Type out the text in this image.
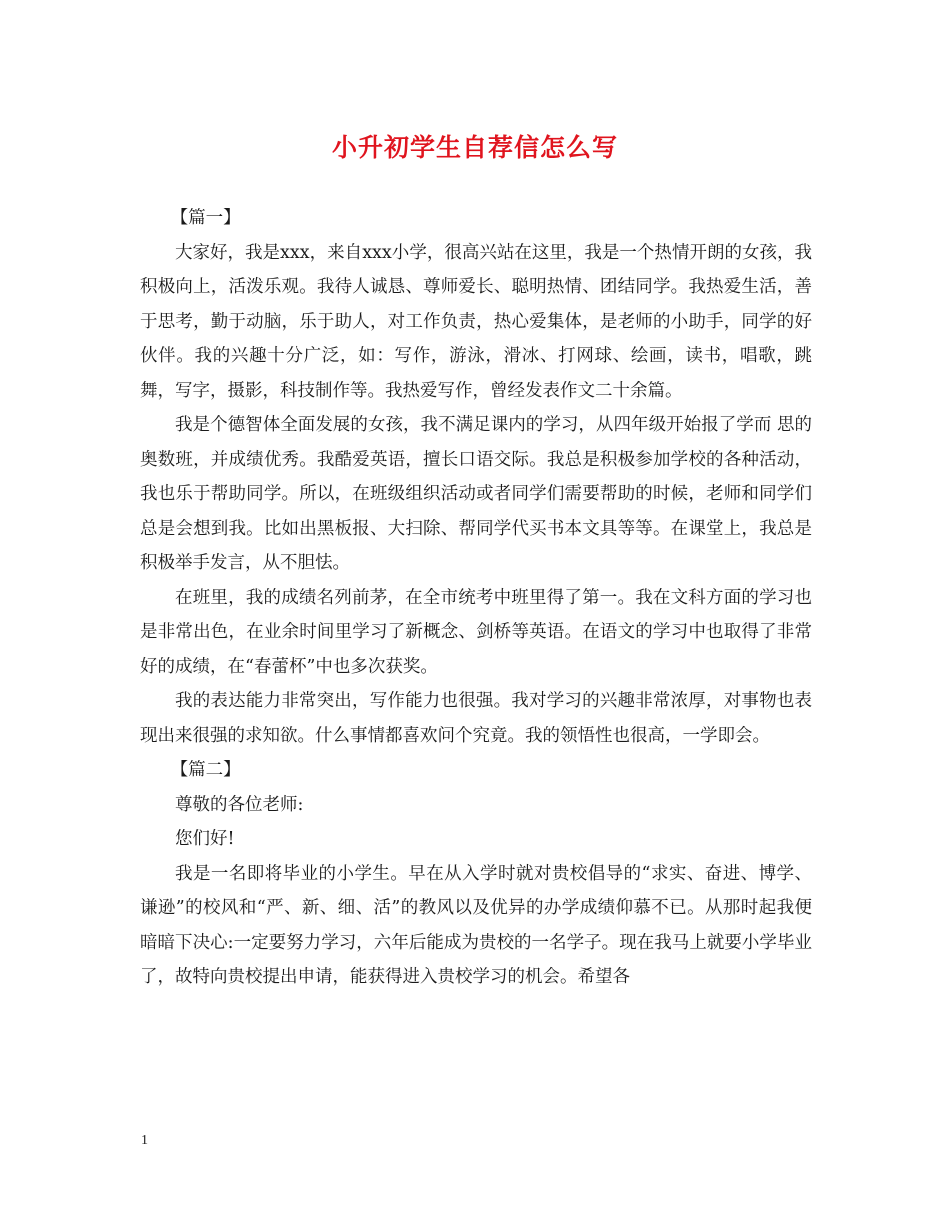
小升初学生自荐信怎么写

【篇一】

大家好，我是xxx，来自xxx小学，很高兴站在这里，我是一个热情开朗的女孩，我积极向上，活泼乐观。我待人诚恳、尊师爱长、聪明热情、团结同学。我热爱生活，善于思考，勤于动脑，乐于助人，对工作负责，热心爱集体，是老师的小助手，同学的好伙伴。我的兴趣十分广泛，如：写作，游泳，滑冰、打网球、绘画，读书，唱歌，跳舞，写字，摄影，科技制作等。我热爱写作，曾经发表作文二十余篇。

我是个德智体全面发展的女孩，我不满足课内的学习，从四年级开始报了学而 思的奥数班，并成绩优秀。我酷爱英语，擅长口语交际。我总是积极参加学校的各种活动，我也乐于帮助同学。所以，在班级组织活动或者同学们需要帮助的时候，老师和同学们总是会想到我。比如出黑板报、大扫除、帮同学代买书本文具等等。在课堂上，我总是积极举手发言，从不胆怯。

在班里，我的成绩名列前茅，在全市统考中班里得了第一。我在文科方面的学习也是非常出色，在业余时间里学习了新概念、剑桥等英语。在语文的学习中也取得了非常好的成绩，在“春蕾杯”中也多次获奖。

我的表达能力非常突出，写作能力也很强。我对学习的兴趣非常浓厚，对事物也表现出来很强的求知欲。什么事情都喜欢问个究竟。我的领悟性也很高，一学即会。

【篇二】

尊敬的各位老师:

您们好!

我是一名即将毕业的小学生。早在从入学时就对贵校倡导的“求实、奋进、博学、谦逊”的校风和“严、新、细、活”的教风以及优异的办学成绩仰慕不已。从那时起我便暗暗下决心:一定要努力学习，六年后能成为贵校的一名学子。现在我马上就要小学毕业了，故特向贵校提出申请，能获得进入贵校学习的机会。希望各

1
